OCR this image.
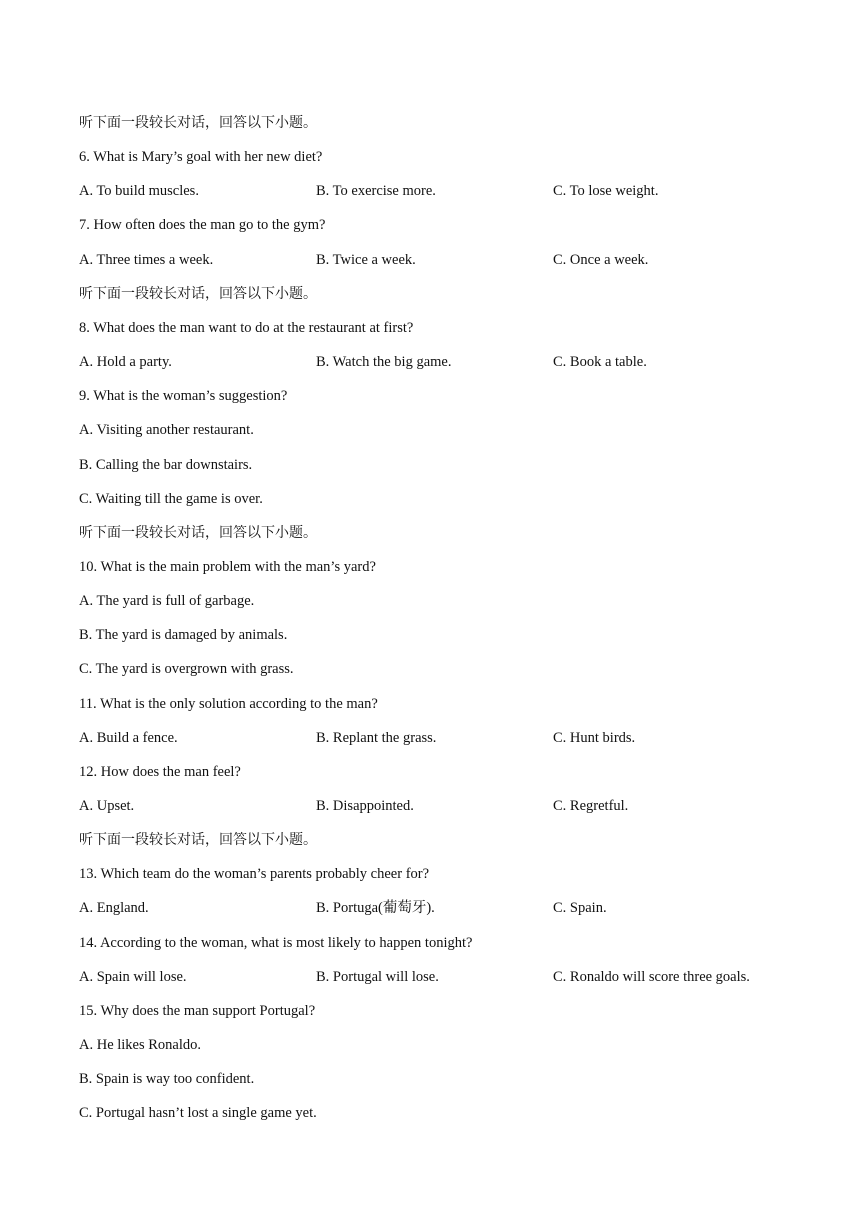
听下面一段较长对话，回答以下小题。
6. What is Mary’s goal with her new diet?
A. To build muscles.	B. To exercise more.	C. To lose weight.
7. How often does the man go to the gym?
A. Three times a week.	B. Twice a week.	C. Once a week.
听下面一段较长对话，回答以下小题。
8. What does the man want to do at the restaurant at first?
A. Hold a party.	B. Watch the big game.	C. Book a table.
9. What is the woman’s suggestion?
A. Visiting another restaurant.
B. Calling the bar downstairs.
C. Waiting till the game is over.
听下面一段较长对话，回答以下小题。
10. What is the main problem with the man’s yard?
A. The yard is full of garbage.
B. The yard is damaged by animals.
C. The yard is overgrown with grass.
11. What is the only solution according to the man?
A. Build a fence.	B. Replant the grass.	C. Hunt birds.
12. How does the man feel?
A. Upset.	B. Disappointed.	C. Regretful.
听下面一段较长对话，回答以下小题。
13. Which team do the woman’s parents probably cheer for?
A. England.	B. Portuga(葡萄牙).	C. Spain.
14. According to the woman, what is most likely to happen tonight?
A. Spain will lose.	B. Portugal will lose.	C. Ronaldo will score three goals.
15. Why does the man support Portugal?
A. He likes Ronaldo.
B. Spain is way too confident.
C. Portugal hasn’t lost a single game yet.
